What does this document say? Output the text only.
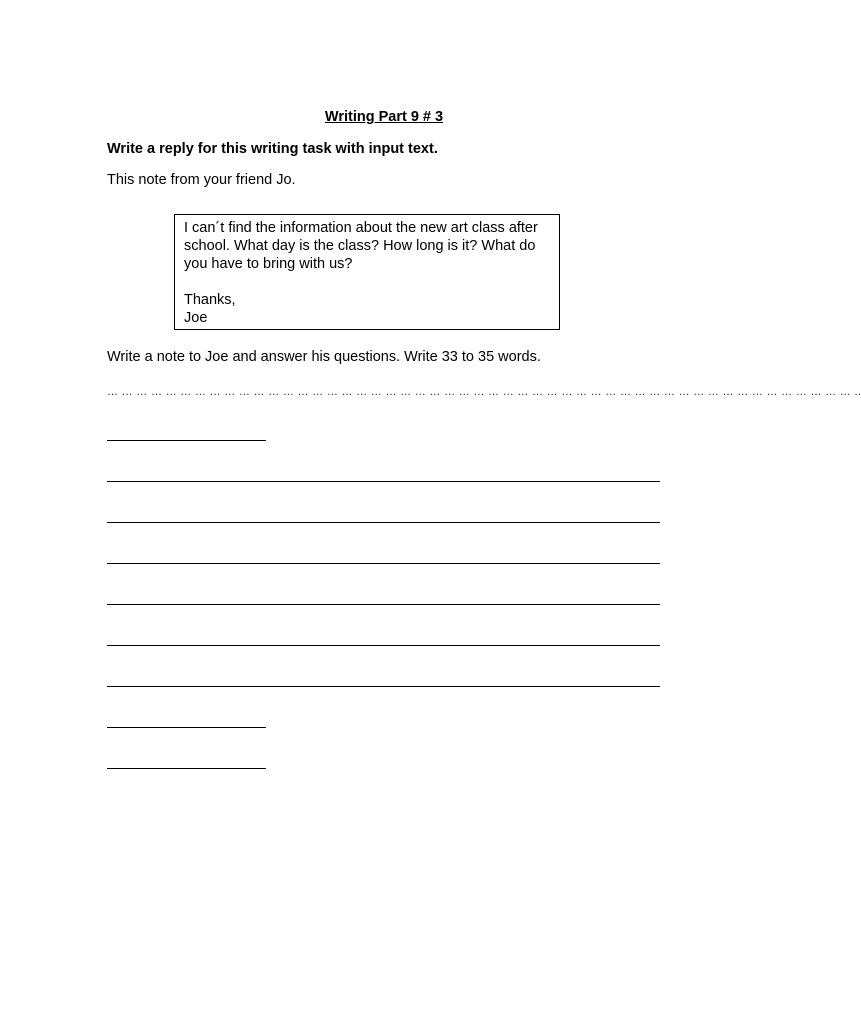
Writing Part 9 # 3

Write a reply for this writing task with input text.

This note from your friend Jo.

I can´t find the information about the new art class after school. What day is the class? How long is it? What do you have to bring with us?

Thanks,
Joe

Write a note to Joe and answer his questions. Write 33 to 35 words.

… … … … … … … … … … … … … … … … … … … … … … … … … … … … … … … … … … … … … … … … … … … … … … … … … … … ..
